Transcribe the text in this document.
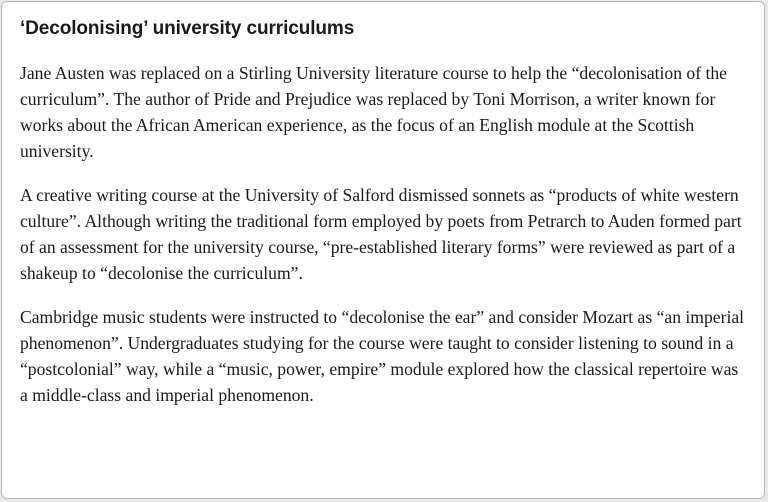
‘Decolonising’ university curriculums

Jane Austen was replaced on a Stirling University literature course to help the “decolonisation of the curriculum”. The author of Pride and Prejudice was replaced by Toni Morrison, a writer known for works about the African American experience, as the focus of an English module at the Scottish university.

A creative writing course at the University of Salford dismissed sonnets as “products of white western culture”. Although writing the traditional form employed by poets from Petrarch to Auden formed part of an assessment for the university course, “pre-established literary forms” were reviewed as part of a shakeup to “decolonise the curriculum”.

Cambridge music students were instructed to “decolonise the ear” and consider Mozart as “an imperial phenomenon”. Undergraduates studying for the course were taught to consider listening to sound in a “postcolonial” way, while a “music, power, empire” module explored how the classical repertoire was a middle-class and imperial phenomenon.
